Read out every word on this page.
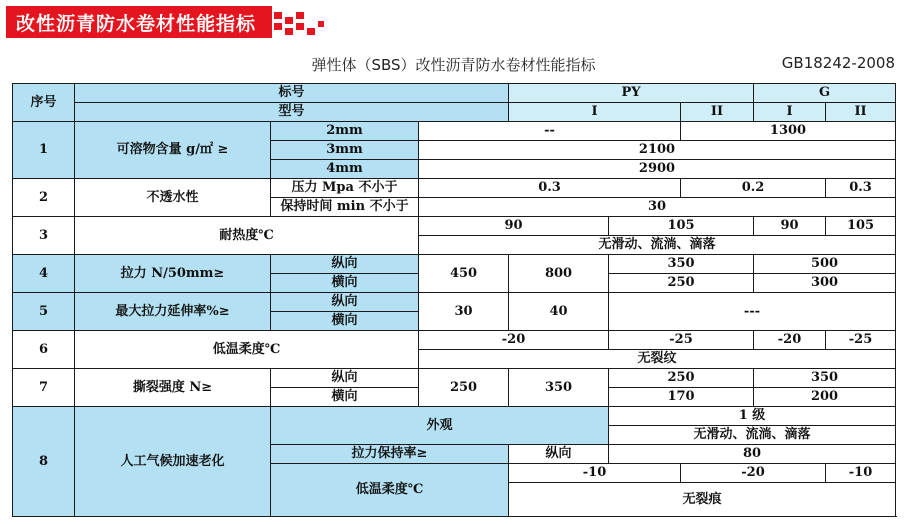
改性沥青防水卷材性能指标
弹性体（SBS）改性沥青防水卷材性能指标	GB18242-2008
序号	标号			PY			G		
	型号			I		II	I	II	
1	可溶物含量 g/㎡ ≥	2mm	--			1300			
		3mm	2100						
		4mm	2900						
2	不透水性	压力 Mpa 不小于	0.3			0.2		0.3	
		保持时间 min 不小于	30						
3	耐热度℃		90		105		90	105	
			无滑动、流淌、滴落						
4	拉力 N/50mm≥	纵向	450	800	350		500		
		横向			250		300		
5	最大拉力延伸率%≥	纵向	30	40	---				
		横向							
6	低温柔度℃		-20		-25		-20	-25	
			无裂纹						
7	撕裂强度 N≥	纵向	250	350	250		350		
		横向			170		200		
8	人工气候加速老化	外观			1 级				
					无滑动、流淌、滴落				
		拉力保持率≥		纵向	80				
		低温柔度℃		-10		-20		-10	
				无裂痕					
